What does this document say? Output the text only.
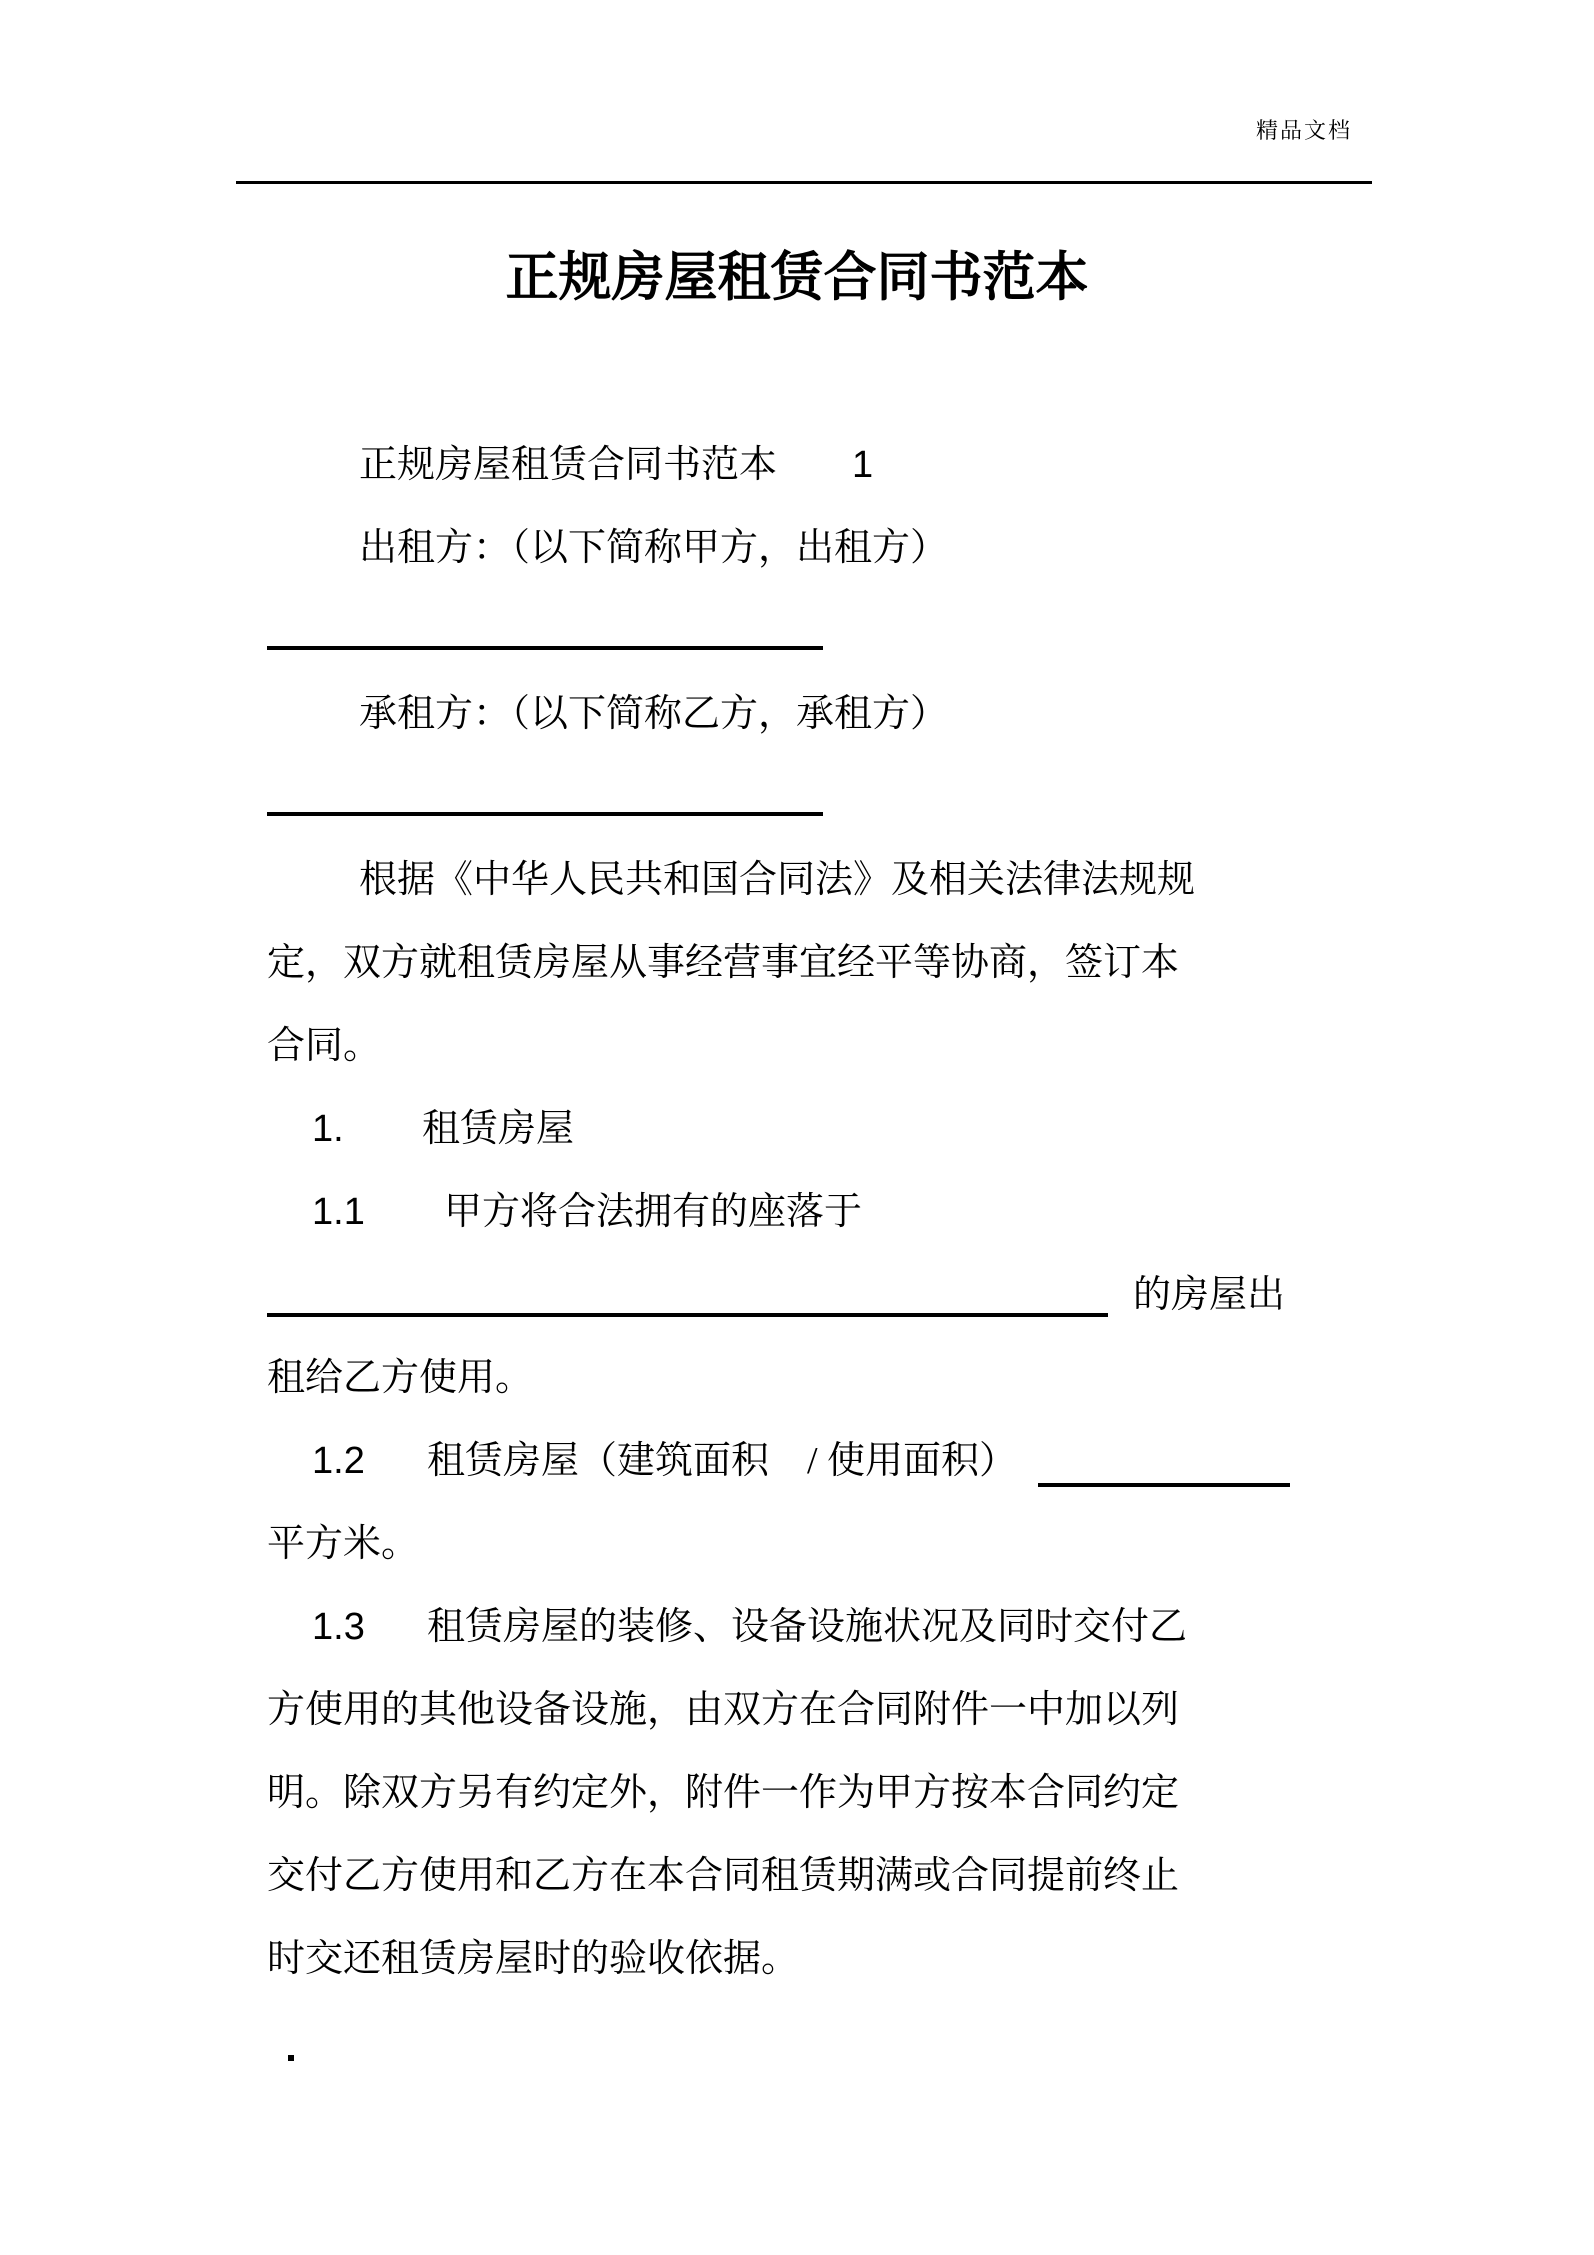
精品文档
正规房屋租赁合同书范本
正规房屋租赁合同书范本 1
出租方：（以下简称甲方，出租方）
承租方：（以下简称乙方，承租方）
根据《中华人民共和国合同法》及相关法律法规规
定，双方就租赁房屋从事经营事宜经平等协商，签订本
合同。
1. 租赁房屋
1.1 甲方将合法拥有的座落于
的房屋出
租给乙方使用。
1.2 租赁房屋（建筑面积　/ 使用面积）
平方米。
1.3 租赁房屋的装修、设备设施状况及同时交付乙
方使用的其他设备设施，由双方在合同附件一中加以列
明。除双方另有约定外，附件一作为甲方按本合同约定
交付乙方使用和乙方在本合同租赁期满或合同提前终止
时交还租赁房屋时的验收依据。
